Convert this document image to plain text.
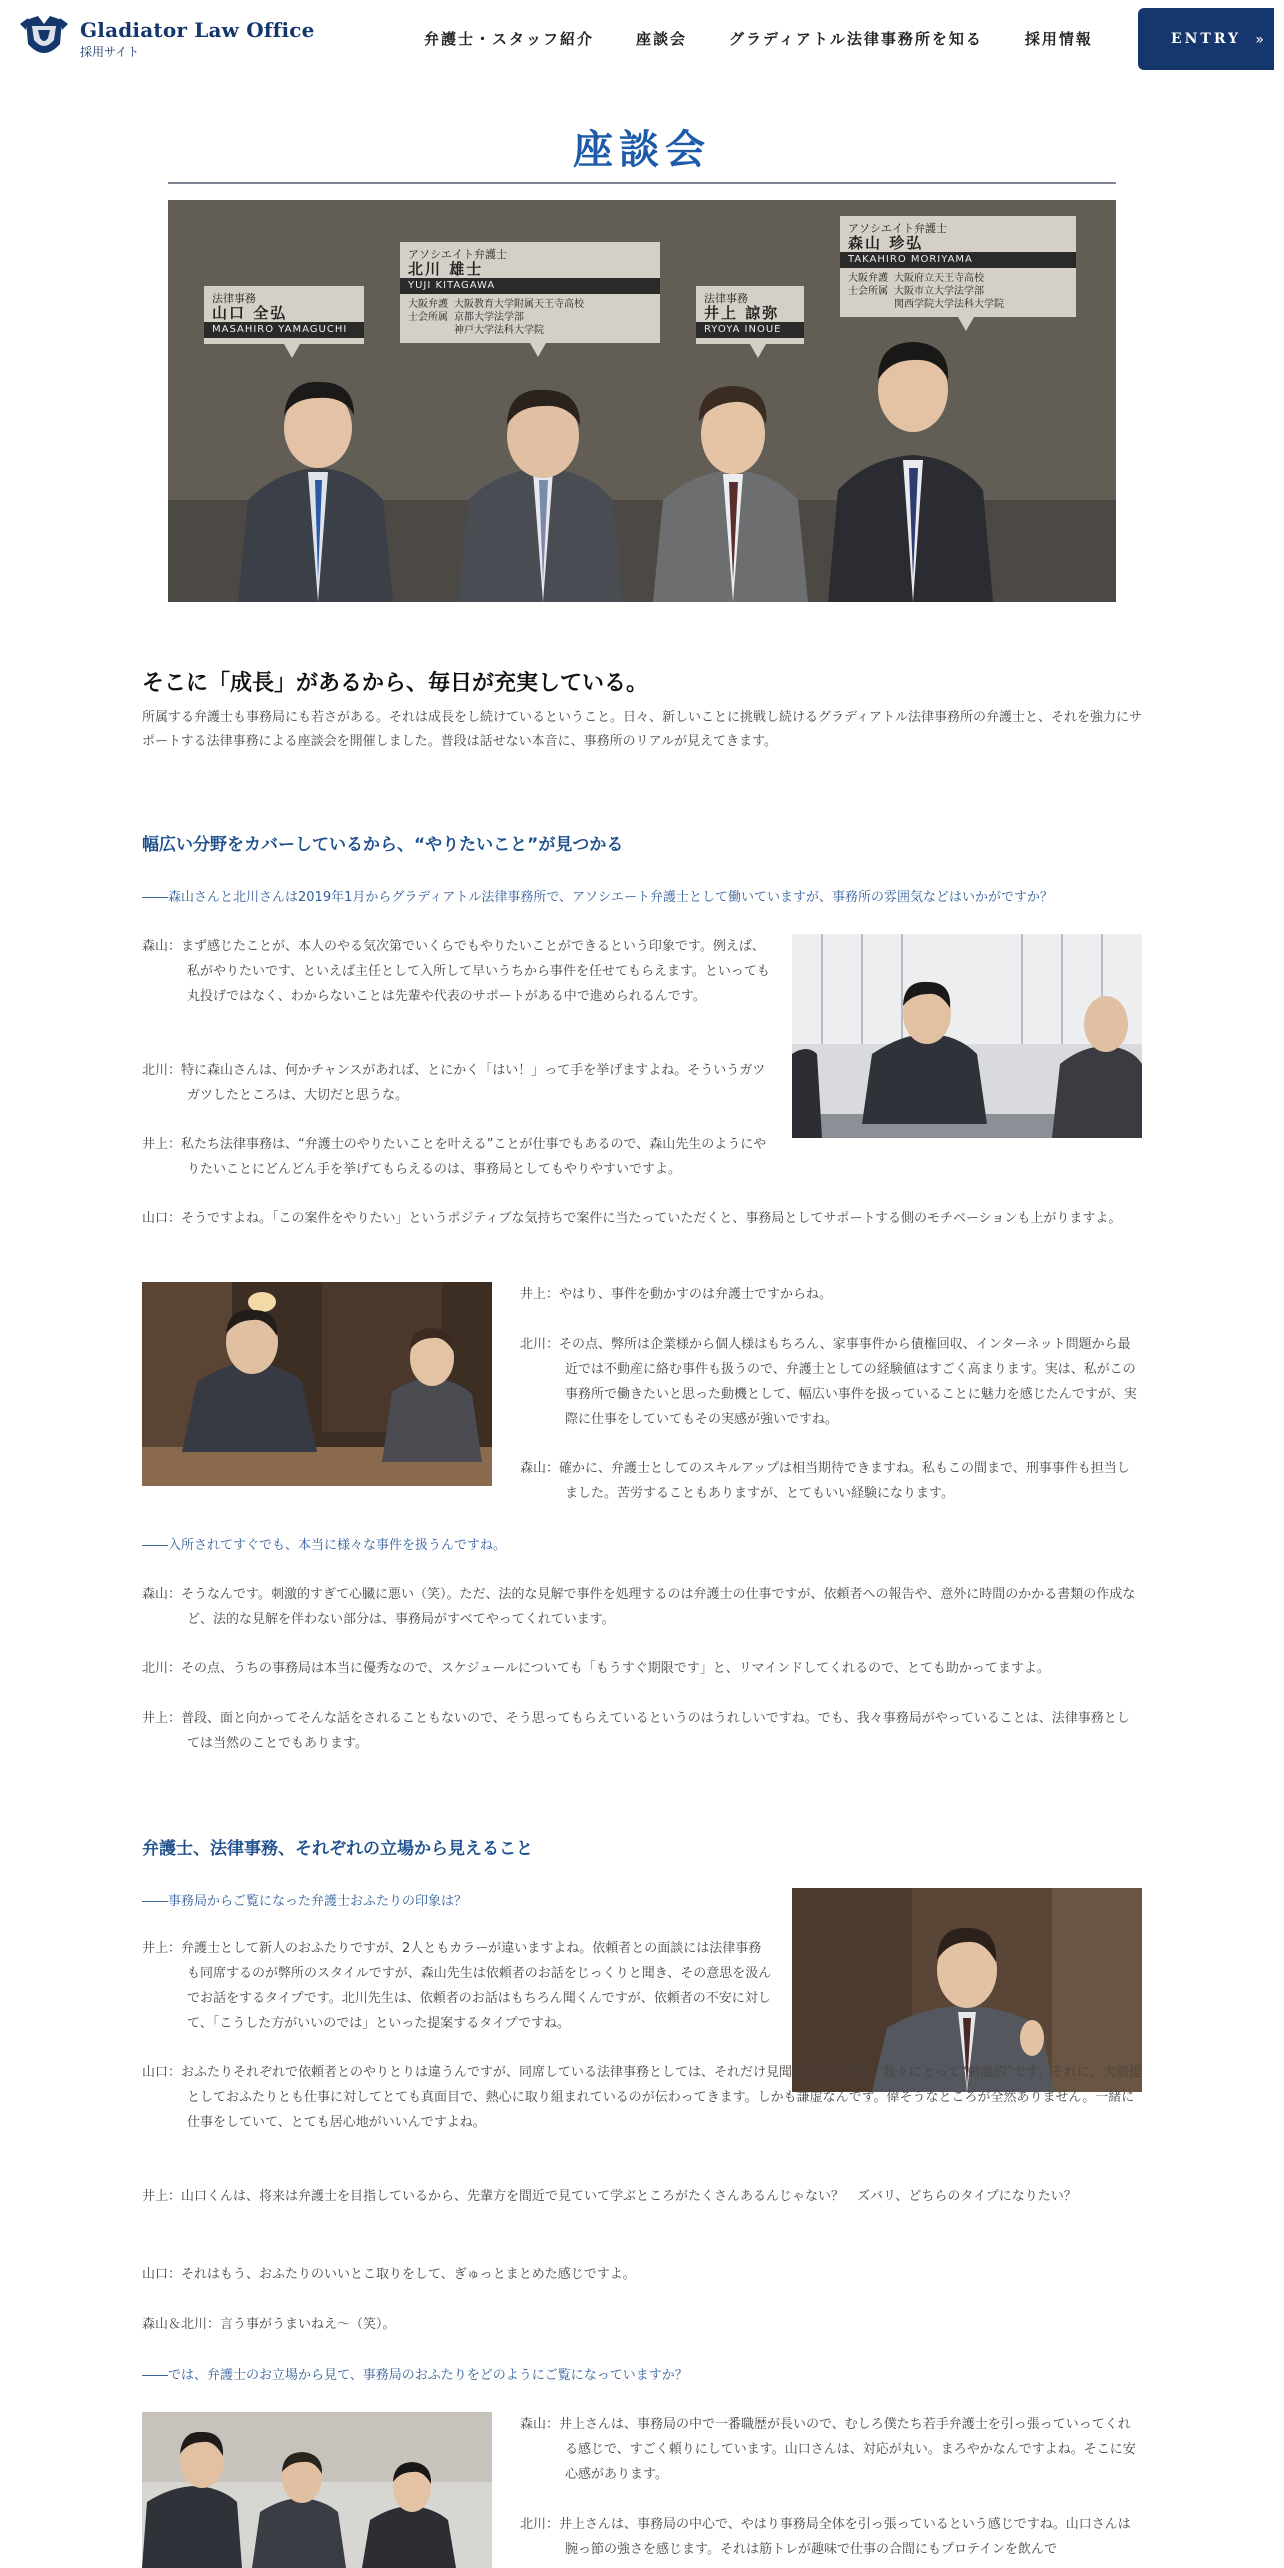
Gladiator Law Office
採用サイト
弁護士・スタッフ紹介	座談会	グラディアトル法律事務所を知る	採用情報	ENTRY »
座談会
法律事務
山口 全弘
MASAHIRO YAMAGUCHI
アソシエイト弁護士
北川 雄士
YUJI KITAGAWA
大阪弁護士会所属
大阪教育大学附属天王寺高校
京都大学法学部
神戸大学法科大学院
法律事務
井上 諒弥
RYOYA INOUE
アソシエイト弁護士
森山 珍弘
TAKAHIRO MORIYAMA
大阪弁護士会所属
大阪府立天王寺高校
大阪市立大学法学部
関西学院大学法科大学院
そこに「成長」があるから、毎日が充実している。

所属する弁護士も事務局にも若さがある。それは成長をし続けているということ。日々、新しいことに挑戦し続けるグラディアトル法律事務所の弁護士と、それを強力にサポートする法律事務による座談会を開催しました。普段は話せない本音に、事務所のリアルが見えてきます。

幅広い分野をカバーしているから、“やりたいこと”が見つかる

――森山さんと北川さんは2019年1月からグラディアトル法律事務所で、アソシエート弁護士として働いていますが、事務所の雰囲気などはいかがですか？

森山：まず感じたことが、本人のやる気次第でいくらでもやりたいことができるという印象です。例えば、私がやりたいです、といえば主任として入所して早いうちから事件を任せてもらえます。といっても丸投げではなく、わからないことは先輩や代表のサポートがある中で進められるんです。

北川：特に森山さんは、何かチャンスがあれば、とにかく「はい！」って手を挙げますよね。そういうガツガツしたところは、大切だと思うな。

井上：私たち法律事務は、“弁護士のやりたいことを叶える”ことが仕事でもあるので、森山先生のようにやりたいことにどんどん手を挙げてもらえるのは、事務局としてもやりやすいですよ。

山口：そうですよね。「この案件をやりたい」というポジティブな気持ちで案件に当たっていただくと、事務局としてサポートする側のモチベーションも上がりますよ。

井上：やはり、事件を動かすのは弁護士ですからね。

北川：その点、弊所は企業様から個人様はもちろん、家事事件から債権回収、インターネット問題から最近では不動産に絡む事件も扱うので、弁護士としての経験値はすごく高まります。実は、私がこの事務所で働きたいと思った動機として、幅広い事件を扱っていることに魅力を感じたんですが、実際に仕事をしていてもその実感が強いですね。

森山：確かに、弁護士としてのスキルアップは相当期待できますね。私もこの間まで、刑事事件も担当しました。苦労することもありますが、とてもいい経験になります。

――入所されてすぐでも、本当に様々な事件を扱うんですね。

森山：そうなんです。刺激的すぎて心臓に悪い（笑）。ただ、法的な見解で事件を処理するのは弁護士の仕事ですが、依頼者への報告や、意外に時間のかかる書類の作成など、法的な見解を伴わない部分は、事務局がすべてやってくれています。

北川：その点、うちの事務局は本当に優秀なので、スケジュールについても「もうすぐ期限です」と、リマインドしてくれるので、とても助かってますよ。

井上：普段、面と向かってそんな話をされることもないので、そう思ってもらえているというのはうれしいですね。でも、我々事務局がやっていることは、法律事務としては当然のことでもあります。

弁護士、法律事務、それぞれの立場から見えること

――事務局からご覧になった弁護士おふたりの印象は？

井上：弁護士として新人のおふたりですが、2人ともカラーが違いますよね。依頼者との面談には法律事務も同席するのが弊所のスタイルですが、森山先生は依頼者のお話をじっくりと聞き、その意思を汲んでお話をするタイプです。北川先生は、依頼者のお話はもちろん聞くんですが、依頼者の不安に対して、「こうした方がいいのでは」といった提案するタイプですね。

山口：おふたりそれぞれで依頼者とのやりとりは違うんですが、同席している法律事務としては、それだけ見聞が広がるので、我々にとって“刺激的”です。それに、大前提としておふたりとも仕事に対してとても真面目で、熱心に取り組まれているのが伝わってきます。しかも謙虚なんです。偉そうなところが全然ありません。一緒に仕事をしていて、とても居心地がいいんですよね。

井上：山口くんは、将来は弁護士を目指しているから、先輩方を間近で見ていて学ぶところがたくさんあるんじゃない？　ズバリ、どちらのタイプになりたい？

山口：それはもう、おふたりのいいとこ取りをして、ぎゅっとまとめた感じですよ。

森山＆北川：言う事がうまいねえ〜（笑）。

――では、弁護士のお立場から見て、事務局のおふたりをどのようにご覧になっていますか？

森山：井上さんは、事務局の中で一番職歴が長いので、むしろ僕たち若手弁護士を引っ張っていってくれる感じで、すごく頼りにしています。山口さんは、対応が丸い。まろやかなんですよね。そこに安心感があります。

北川：井上さんは、事務局の中心で、やはり事務局全体を引っ張っているという感じですね。山口さんは腕っ節の強さを感じます。それは筋トレが趣味で仕事の合間にもプロテインを飲んで
